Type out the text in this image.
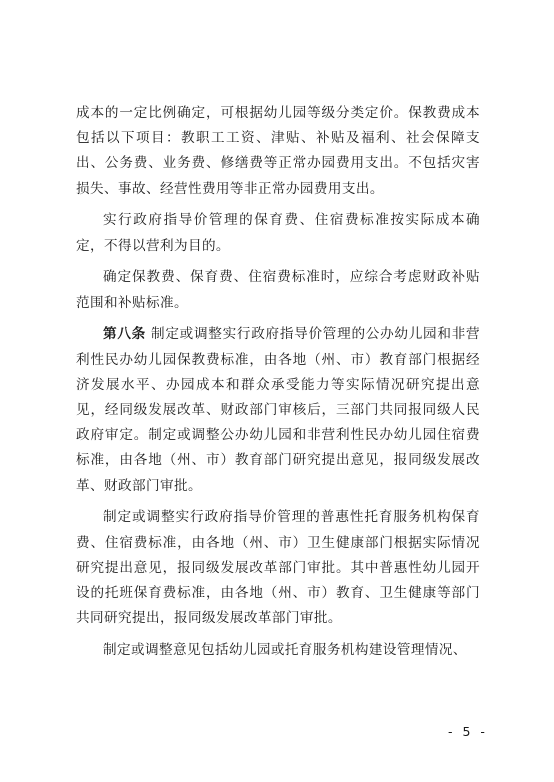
成本的一定比例确定，可根据幼儿园等级分类定价。保教费成本包括以下项目：教职工工资、津贴、补贴及福利、社会保障支出、公务费、业务费、修缮费等正常办园费用支出。不包括灾害损失、事故、经营性费用等非正常办园费用支出。

实行政府指导价管理的保育费、住宿费标准按实际成本确定，不得以营利为目的。

确定保教费、保育费、住宿费标准时，应综合考虑财政补贴范围和补贴标准。

第八条 制定或调整实行政府指导价管理的公办幼儿园和非营利性民办幼儿园保教费标准，由各地（州、市）教育部门根据经济发展水平、办园成本和群众承受能力等实际情况研究提出意见，经同级发展改革、财政部门审核后，三部门共同报同级人民政府审定。制定或调整公办幼儿园和非营利性民办幼儿园住宿费标准，由各地（州、市）教育部门研究提出意见，报同级发展改革、财政部门审批。

制定或调整实行政府指导价管理的普惠性托育服务机构保育费、住宿费标准，由各地（州、市）卫生健康部门根据实际情况研究提出意见，报同级发展改革部门审批。其中普惠性幼儿园开设的托班保育费标准，由各地（州、市）教育、卫生健康等部门共同研究提出，报同级发展改革部门审批。

制定或调整意见包括幼儿园或托育服务机构建设管理情况、

- 5 -
